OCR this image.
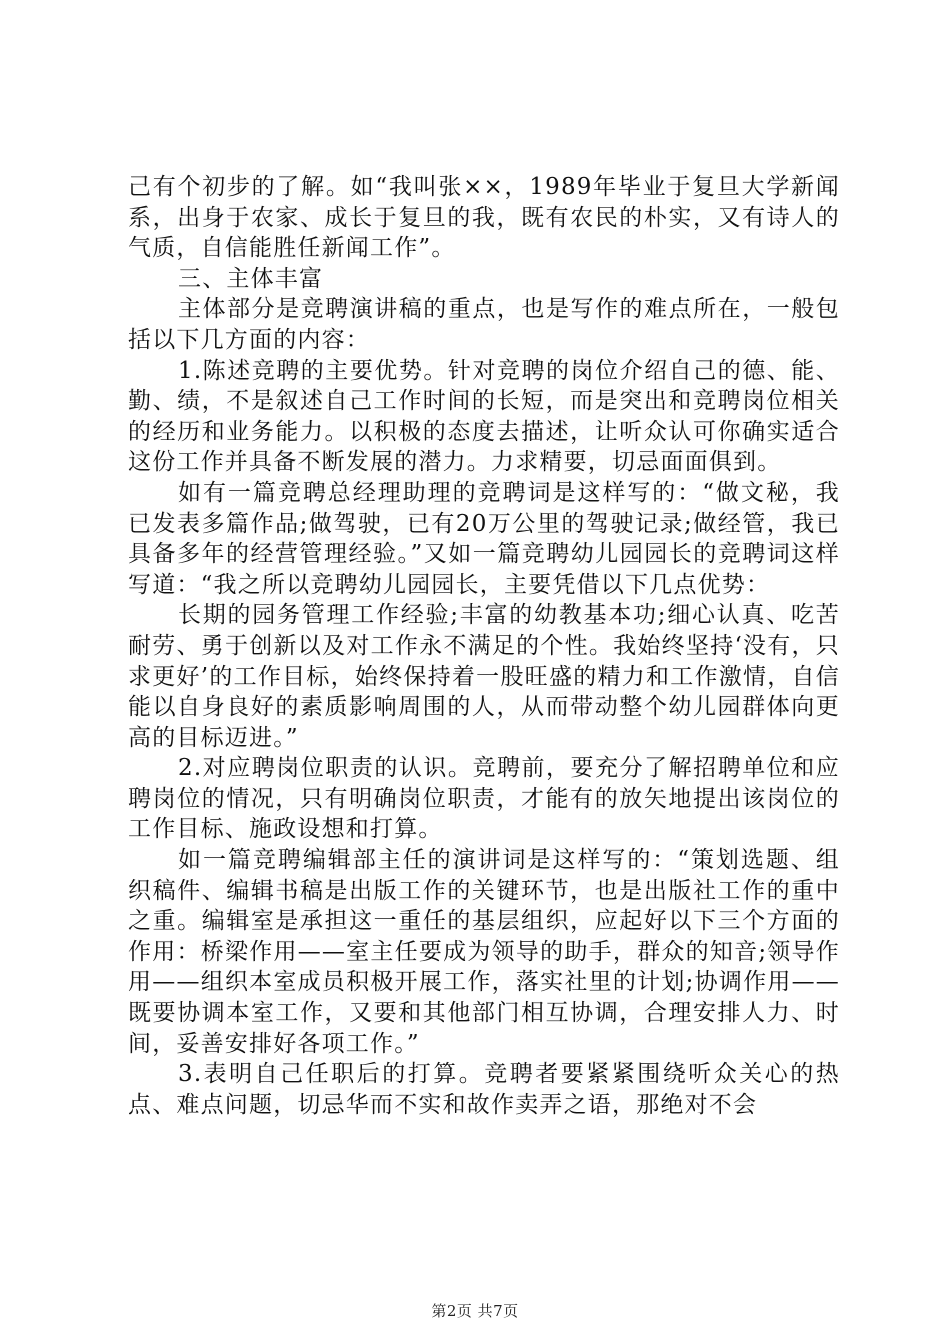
己有个初步的了解。如“我叫张××，1989年毕业于复旦大学新闻系，出身于农家、成长于复旦的我，既有农民的朴实，又有诗人的气质，自信能胜任新闻工作”。

三、主体丰富

主体部分是竞聘演讲稿的重点，也是写作的难点所在，一般包括以下几方面的内容：

1.陈述竞聘的主要优势。针对竞聘的岗位介绍自己的德、能、勤、绩，不是叙述自己工作时间的长短，而是突出和竞聘岗位相关的经历和业务能力。以积极的态度去描述，让听众认可你确实适合这份工作并具备不断发展的潜力。力求精要，切忌面面俱到。

如有一篇竞聘总经理助理的竞聘词是这样写的：“做文秘，我已发表多篇作品;做驾驶，已有20万公里的驾驶记录;做经管，我已具备多年的经营管理经验。”又如一篇竞聘幼儿园园长的竞聘词这样写道：“我之所以竞聘幼儿园园长，主要凭借以下几点优势：

长期的园务管理工作经验;丰富的幼教基本功;细心认真、吃苦耐劳、勇于创新以及对工作永不满足的个性。我始终坚持‘没有，只求更好’的工作目标，始终保持着一股旺盛的精力和工作激情，自信能以自身良好的素质影响周围的人，从而带动整个幼儿园群体向更高的目标迈进。”

2.对应聘岗位职责的认识。竞聘前，要充分了解招聘单位和应聘岗位的情况，只有明确岗位职责，才能有的放矢地提出该岗位的工作目标、施政设想和打算。

如一篇竞聘编辑部主任的演讲词是这样写的：“策划选题、组织稿件、编辑书稿是出版工作的关键环节，也是出版社工作的重中之重。编辑室是承担这一重任的基层组织，应起好以下三个方面的作用：桥梁作用——室主任要成为领导的助手，群众的知音;领导作用——组织本室成员积极开展工作，落实社里的计划;协调作用——既要协调本室工作，又要和其他部门相互协调，合理安排人力、时间，妥善安排好各项工作。”

3.表明自己任职后的打算。竞聘者要紧紧围绕听众关心的热点、难点问题，切忌华而不实和故作卖弄之语，那绝对不会

第2页 共7页
